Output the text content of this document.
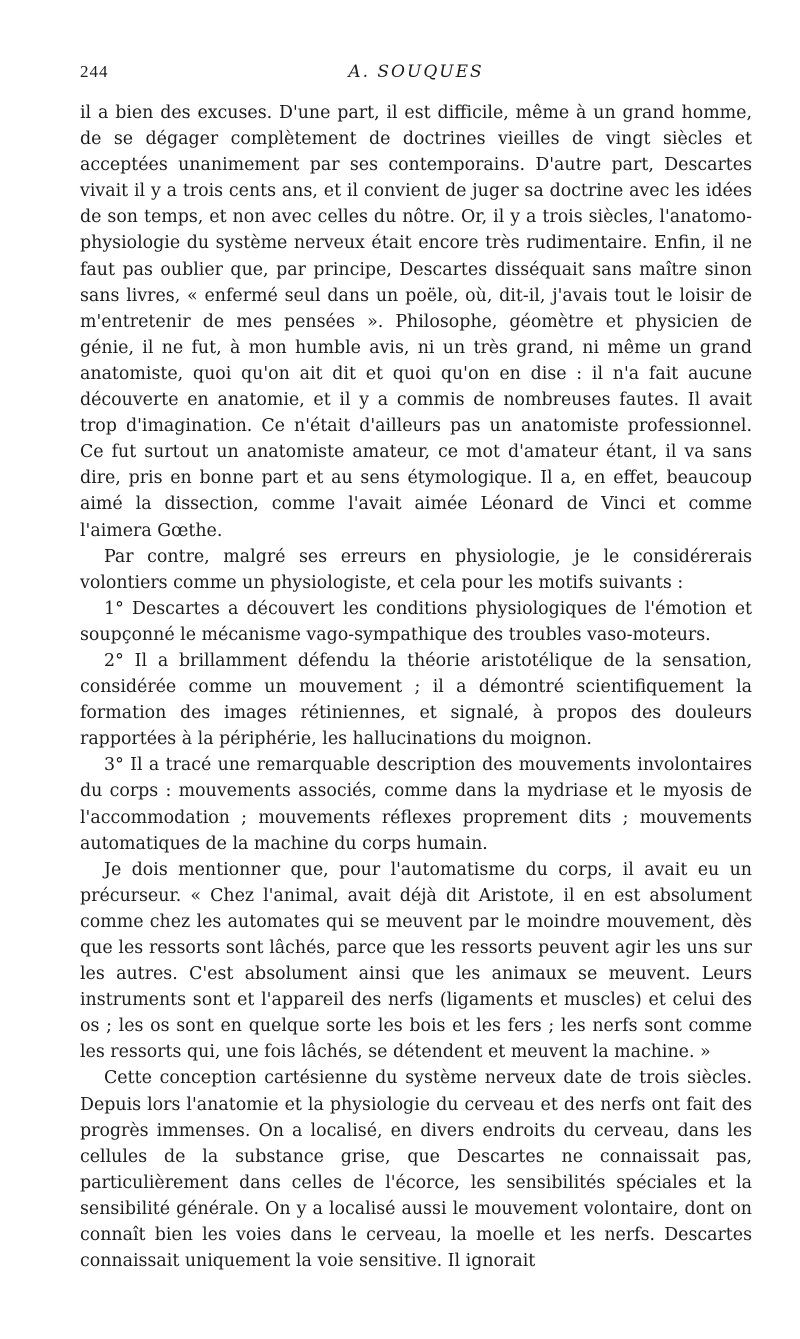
244	A. SOUQUES

il a bien des excuses. D'une part, il est difficile, même à un grand homme, de se dégager complètement de doctrines vieilles de vingt siècles et acceptées unanimement par ses contemporains. D'autre part, Descartes vivait il y a trois cents ans, et il convient de juger sa doctrine avec les idées de son temps, et non avec celles du nôtre. Or, il y a trois siècles, l'anatomo-physiologie du système nerveux était encore très rudimentaire. Enfin, il ne faut pas oublier que, par principe, Descartes disséquait sans maître sinon sans livres, « enfermé seul dans un poële, où, dit-il, j'avais tout le loisir de m'entretenir de mes pensées ». Philosophe, géomètre et physicien de génie, il ne fut, à mon humble avis, ni un très grand, ni même un grand anatomiste, quoi qu'on ait dit et quoi qu'on en dise : il n'a fait aucune découverte en anatomie, et il y a commis de nombreuses fautes. Il avait trop d'imagination. Ce n'était d'ailleurs pas un anatomiste professionnel. Ce fut surtout un anatomiste amateur, ce mot d'amateur étant, il va sans dire, pris en bonne part et au sens étymologique. Il a, en effet, beaucoup aimé la dissection, comme l'avait aimée Léonard de Vinci et comme l'aimera Gœthe.

Par contre, malgré ses erreurs en physiologie, je le considérerais volontiers comme un physiologiste, et cela pour les motifs suivants :

1° Descartes a découvert les conditions physiologiques de l'émotion et soupçonné le mécanisme vago-sympathique des troubles vaso-moteurs.

2° Il a brillamment défendu la théorie aristotélique de la sensation, considérée comme un mouvement ; il a démontré scientifiquement la formation des images rétiniennes, et signalé, à propos des douleurs rapportées à la périphérie, les hallucinations du moignon.

3° Il a tracé une remarquable description des mouvements involontaires du corps : mouvements associés, comme dans la mydriase et le myosis de l'accommodation ; mouvements réflexes proprement dits ; mouvements automatiques de la machine du corps humain.

Je dois mentionner que, pour l'automatisme du corps, il avait eu un précurseur. « Chez l'animal, avait déjà dit Aristote, il en est absolument comme chez les automates qui se meuvent par le moindre mouvement, dès que les ressorts sont lâchés, parce que les ressorts peuvent agir les uns sur les autres. C'est absolument ainsi que les animaux se meuvent. Leurs instruments sont et l'appareil des nerfs (ligaments et muscles) et celui des os ; les os sont en quelque sorte les bois et les fers ; les nerfs sont comme les ressorts qui, une fois lâchés, se détendent et meuvent la machine. »

Cette conception cartésienne du système nerveux date de trois siècles. Depuis lors l'anatomie et la physiologie du cerveau et des nerfs ont fait des progrès immenses. On a localisé, en divers endroits du cerveau, dans les cellules de la substance grise, que Descartes ne connaissait pas, particulièrement dans celles de l'écorce, les sensibilités spéciales et la sensibilité générale. On y a localisé aussi le mouvement volontaire, dont on connaît bien les voies dans le cerveau, la moelle et les nerfs. Descartes connaissait uniquement la voie sensitive. Il ignorait
